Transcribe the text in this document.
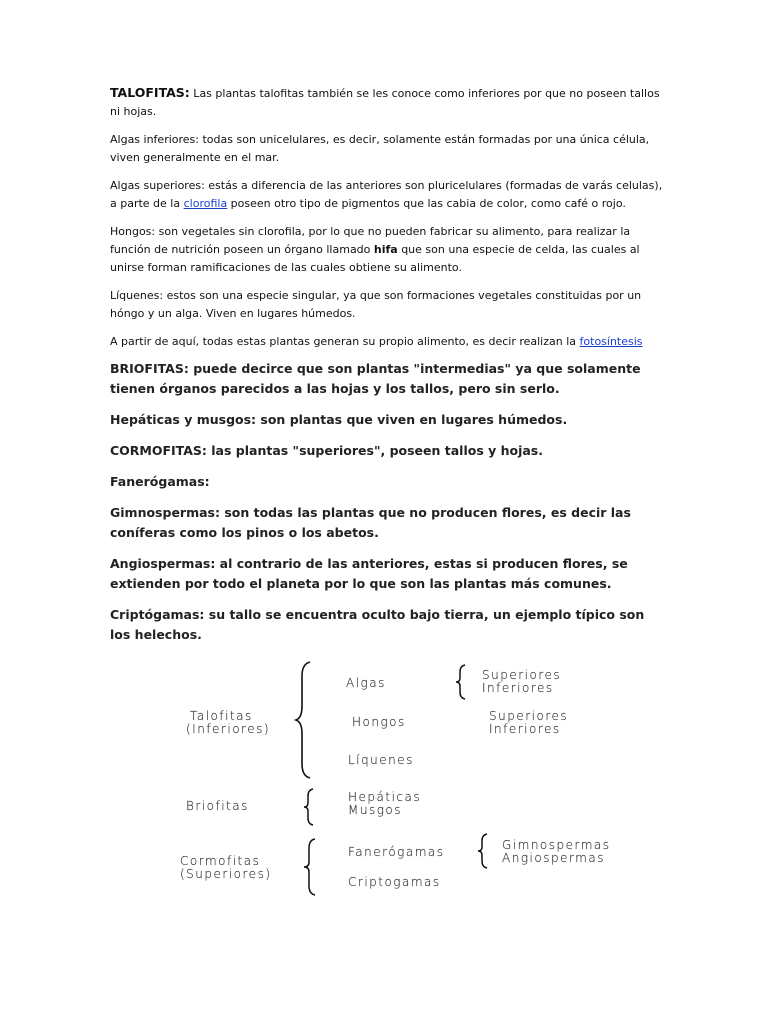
TALOFITAS: Las plantas talofitas también se les conoce como inferiores por que no poseen tallos ni hojas.

Algas inferiores: todas son unicelulares, es decir, solamente están formadas por una única célula, viven generalmente en el mar.

Algas superiores: estás a diferencia de las anteriores son pluricelulares (formadas de varás celulas), a parte de la clorofila poseen otro tipo de pigmentos que las cabia de color, como café o rojo.

Hongos: son vegetales sin clorofila, por lo que no pueden fabricar su alimento, para realizar la función de nutrición poseen un órgano llamado hifa que son una especie de celda, las cuales al unirse forman ramificaciones de las cuales obtiene su alimento.

Líquenes: estos son una especie singular, ya que son formaciones vegetales constituidas por un hóngo y un alga. Viven en lugares húmedos.

A partir de aquí, todas estas plantas generan su propio alimento, es decir realizan la fotosíntesis

BRIOFITAS: puede decirce que son plantas "intermedias" ya que solamente tienen órganos parecidos a las hojas y los tallos, pero sin serlo.

Hepáticas y musgos: son plantas que viven en lugares húmedos.

CORMOFITAS: las plantas "superiores", poseen tallos y hojas.

Fanerógamas:

Gimnospermas: son todas las plantas que no producen flores, es decir las coníferas como los pinos o los abetos.

Angiospermas: al contrario de las anteriores, estas si producen flores, se extienden por todo el planeta por lo que son las plantas más comunes.

Criptógamas: su tallo se encuentra oculto bajo tierra, un ejemplo típico son los helechos.

Talofitas
(Inferiores)
Algas
Superiores
Inferiores
Hongos	Superiores
Inferiores
Líquenes
Briofitas
Hepáticas
Musgos
Cormofitas
(Superiores)
Fanerógamas	Gimnospermas
Angiospermas
Criptogamas
